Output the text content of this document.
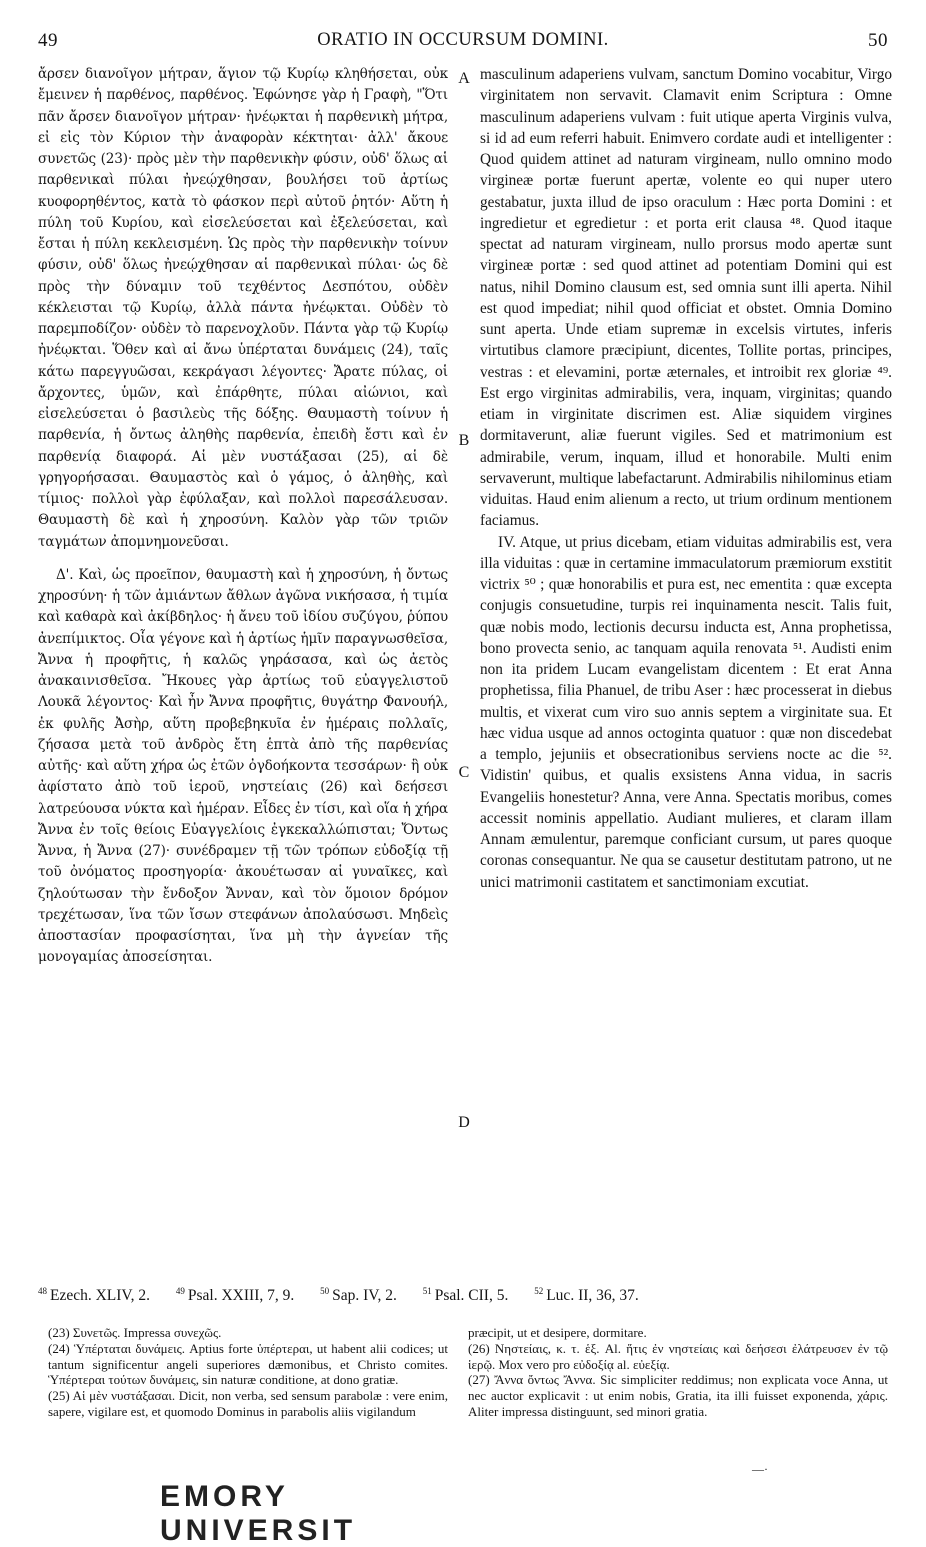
49	ORATIO IN OCCURSUM DOMINI.	50

ἄρσεν διανοῖγον μήτραν, ἅγιον τῷ Κυρίῳ κληθήσεται, οὐκ ἔμεινεν ἡ παρθένος, παρθένος. Ἐφώνησε γὰρ ἡ Γραφὴ, "Ὅτι πᾶν ἄρσεν διανοῖγον μήτραν· ἠνέῳκται ἡ παρθενικὴ μήτρα, εἰ εἰς τὸν Κύριον τὴν ἀναφορὰν κέκτηται· ἀλλ' ἄκουε συνετῶς (23)· πρὸς μὲν τὴν παρθενικὴν φύσιν, οὐδ' ὅλως αἱ παρθενικαὶ πύλαι ἠνεῴχθησαν, βουλήσει τοῦ ἀρτίως κυοφορηθέντος, κατὰ τὸ φάσκον περὶ αὐτοῦ ῥητόν· Αὕτη ἡ πύλη τοῦ Κυρίου, καὶ εἰσελεύσεται καὶ ἐξελεύσεται, καὶ ἔσται ἡ πύλη κεκλεισμένη. Ὡς πρὸς τὴν παρθενικὴν τοίνυν φύσιν, οὐδ' ὅλως ἠνεῴχθησαν αἱ παρθενικαὶ πύλαι· ὡς δὲ πρὸς τὴν δύναμιν τοῦ τεχθέντος Δεσπότου, οὐδὲν κέκλεισται τῷ Κυρίῳ, ἀλλὰ πάντα ἠνέῳκται. Οὐδὲν τὸ παρεμποδίζον· οὐδὲν τὸ παρενοχλοῦν. Πάντα γὰρ τῷ Κυρίῳ ἠνέῳκται. Ὅθεν καὶ αἱ ἄνω ὑπέρταται δυνάμεις (24), ταῖς κάτω παρεγγυῶσαι, κεκράγασι λέγοντες· Ἄρατε πύλας, οἱ ἄρχοντες, ὑμῶν, καὶ ἐπάρθητε, πύλαι αἰώνιοι, καὶ εἰσελεύσεται ὁ βασιλεὺς τῆς δόξης. Θαυμαστὴ τοίνυν ἡ παρθενία, ἡ ὄντως ἀληθὴς παρθενία, ἐπειδὴ ἔστι καὶ ἐν παρθενίᾳ διαφορά. Αἱ μὲν νυστάξασαι (25), αἱ δὲ γρηγορήσασαι. Θαυμαστὸς καὶ ὁ γάμος, ὁ ἀληθὴς, καὶ τίμιος· πολλοὶ γὰρ ἐφύλαξαν, καὶ πολλοὶ παρεσάλευσαν. Θαυμαστὴ δὲ καὶ ἡ χηροσύνη. Καλὸν γὰρ τῶν τριῶν ταγμάτων ἀπομνημονεῦσαι.

Δ'. Καὶ, ὡς προεῖπον, θαυμαστὴ καὶ ἡ χηροσύνη, ἡ ὄντως χηροσύνη· ἡ τῶν ἀμιάντων ἄθλων ἀγῶνα νικήσασα, ἡ τιμία καὶ καθαρὰ καὶ ἀκίβδηλος· ἡ ἄνευ τοῦ ἰδίου συζύγου, ῥύπου ἀνεπίμικτος. Οἷα γέγονε καὶ ἡ ἀρτίως ἡμῖν παραγνωσθεῖσα, Ἄννα ἡ προφῆτις, ἡ καλῶς γηράσασα, καὶ ὡς ἀετὸς ἀνακαινισθεῖσα. Ἤκουες γὰρ ἀρτίως τοῦ εὐαγγελιστοῦ Λουκᾶ λέγοντος· Καὶ ἦν Ἄννα προφῆτις, θυγάτηρ Φανουήλ, ἐκ φυλῆς Ἀσὴρ, αὕτη προβεβηκυῖα ἐν ἡμέραις πολλαῖς, ζήσασα μετὰ τοῦ ἀνδρὸς ἔτη ἑπτὰ ἀπὸ τῆς παρθενίας αὐτῆς· καὶ αὕτη χήρα ὡς ἐτῶν ὀγδοήκοντα τεσσάρων· ἣ οὐκ ἀφίστατο ἀπὸ τοῦ ἱεροῦ, νηστείαις (26) καὶ δεήσεσι λατρεύουσα νύκτα καὶ ἡμέραν. Εἶδες ἐν τίσι, καὶ οἵα ἡ χήρα Ἄννα ἐν τοῖς θείοις Εὐαγγελίοις ἐγκεκαλλώπισται; Ὄντως Ἄννα, ἡ Ἄννα (27)· συνέδραμεν τῇ τῶν τρόπων εὐδοξίᾳ τῇ τοῦ ὀνόματος προσηγορία· ἀκουέτωσαν αἱ γυναῖκες, καὶ ζηλούτωσαν τὴν ἔνδοξον Ἄνναν, καὶ τὸν ὅμοιον δρόμον τρεχέτωσαν, ἵνα τῶν ἴσων στεφάνων ἀπολαύσωσι. Μηδεὶς ἀποστασίαν προφασίσηται, ἵνα μὴ τὴν ἁγνείαν τῆς μονογαμίας ἀποσείσηται.

A
B
C
D

masculinum adaperiens vulvam, sanctum Domino vocabitur, Virgo virginitatem non servavit. Clamavit enim Scriptura : Omne masculinum adaperiens vulvam : fuit utique aperta Virginis vulva, si id ad eum referri habuit. Enimvero cordate audi et intelligenter : Quod quidem attinet ad naturam virgineam, nullo omnino modo virgineæ portæ fuerunt apertæ, volente eo qui nuper utero gestabatur, juxta illud de ipso oraculum : Hæc porta Domini : et ingredietur et egredietur : et porta erit clausa ⁴⁸. Quod itaque spectat ad naturam virgineam, nullo prorsus modo apertæ sunt virgineæ portæ : sed quod attinet ad potentiam Domini qui est natus, nihil Domino clausum est, sed omnia sunt illi aperta. Nihil est quod impediat; nihil quod officiat et obstet. Omnia Domino sunt aperta. Unde etiam supremæ in excelsis virtutes, inferis virtutibus clamore præcipiunt, dicentes, Tollite portas, principes, vestras : et elevamini, portæ æternales, et introibit rex gloriæ ⁴⁹. Est ergo virginitas admirabilis, vera, inquam, virginitas; quando etiam in virginitate discrimen est. Aliæ siquidem virgines dormitaverunt, aliæ fuerunt vigiles. Sed et matrimonium est admirabile, verum, inquam, illud et honorabile. Multi enim servaverunt, multique labefactarunt. Admirabilis nihilominus etiam viduitas. Haud enim alienum a recto, ut trium ordinum mentionem faciamus.

IV. Atque, ut prius dicebam, etiam viduitas admirabilis est, vera illa viduitas : quæ in certamine immaculatorum præmiorum exstitit victrix ⁵⁰ ; quæ honorabilis et pura est, nec ementita : quæ excepta conjugis consuetudine, turpis rei inquinamenta nescit. Talis fuit, quæ nobis modo, lectionis decursu inducta est, Anna prophetissa, bono provecta senio, ac tanquam aquila renovata ⁵¹. Audisti enim non ita pridem Lucam evangelistam dicentem : Et erat Anna prophetissa, filia Phanuel, de tribu Aser : hæc processerat in diebus multis, et vixerat cum viro suo annis septem a virginitate sua. Et hæc vidua usque ad annos octoginta quatuor : quæ non discedebat a templo, jejuniis et obsecrationibus serviens nocte ac die ⁵². Vidistin' quibus, et qualis exsistens Anna vidua, in sacris Evangeliis honestetur? Anna, vere Anna. Spectatis moribus, comes accessit nominis appellatio. Audiant mulieres, et claram illam Annam æmulentur, paremque conficiant cursum, ut pares quoque coronas consequantur. Ne qua se causetur destitutam patrono, ut ne unici matrimonii castitatem et sanctimoniam excutiat.

$^{48}$ Ezech. XLIV, 2.	$^{49}$ Psal. XXIII, 7, 9.	$^{50}$ Sap. IV, 2.	$^{51}$ Psal. CII, 5.	$^{52}$ Luc. II, 36, 37.

(23) Συνετῶς. Impressa συνεχῶς.

(24) Ὑπέρταται δυνάμεις. Aptius forte ὑπέρτεραι, ut habent alii codices; ut tantum significentur angeli superiores dæmonibus, et Christo comites. Ὑπέρτεραι τούτων δυνάμεις, sin naturæ conditione, at dono gratiæ.

(25) Αἱ μὲν νυστάξασαι. Dicit, non verba, sed sensum parabolæ : vere enim, sapere, vigilare est, et quomodo Dominus in parabolis aliis vigilandum

præcipit, ut et desipere, dormitare.

(26) Νηστείαις, κ. τ. ἑξ. Al. ἥτις ἐν νηστείαις καὶ δεήσεσι ἐλάτρευσεν ἐν τῷ ἱερῷ. Mox vero pro εὐδοξίᾳ al. εὐεξίᾳ.

(27) Ἄννα ὄντως Ἄννα. Sic simpliciter reddimus; non explicata voce Anna, ut nec auctor explicavit : ut enim nobis, Gratia, ita illi fuisset exponenda, χάρις. Aliter impressa distinguunt, sed minori gratia.

—·
EMORY UNIVERSIT
